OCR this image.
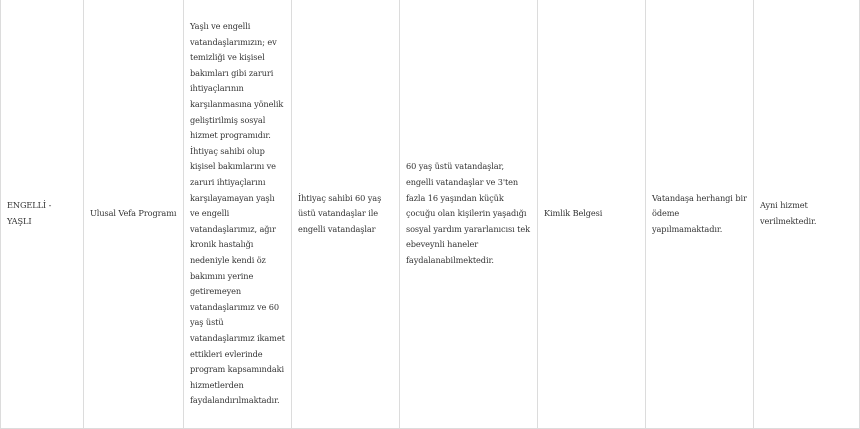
ENGELLİ - YAŞLI	Ulusal Vefa Programı	Yaşlı ve engelli vatandaşlarımızın; ev temizliği ve kişisel bakımları gibi zaruri ihtiyaçlarının karşılanmasına yönelik geliştirilmiş sosyal hizmet programıdır. İhtiyaç sahibi olup kişisel bakımlarını ve zaruri ihtiyaçlarını karşılayamayan yaşlı ve engelli vatandaşlarımız, ağır kronik hastalığı nedeniyle kendi öz bakımını yerine getiremeyen vatandaşlarımız ve 60 yaş üstü vatandaşlarımız ikamet ettikleri evlerinde program kapsamındaki hizmetlerden faydalandırılmaktadır.	İhtiyaç sahibi 60 yaş üstü vatandaşlar ile engelli vatandaşlar	60 yaş üstü vatandaşlar, engelli vatandaşlar ve 3'ten fazla 16 yaşından küçük çocuğu olan kişilerin yaşadığı sosyal yardım yararlanıcısı tek ebeveynli haneler faydalanabilmektedir.	Kimlik Belgesi	Vatandaşa herhangi bir ödeme yapılmamaktadır.	Ayni hizmet verilmektedir.
